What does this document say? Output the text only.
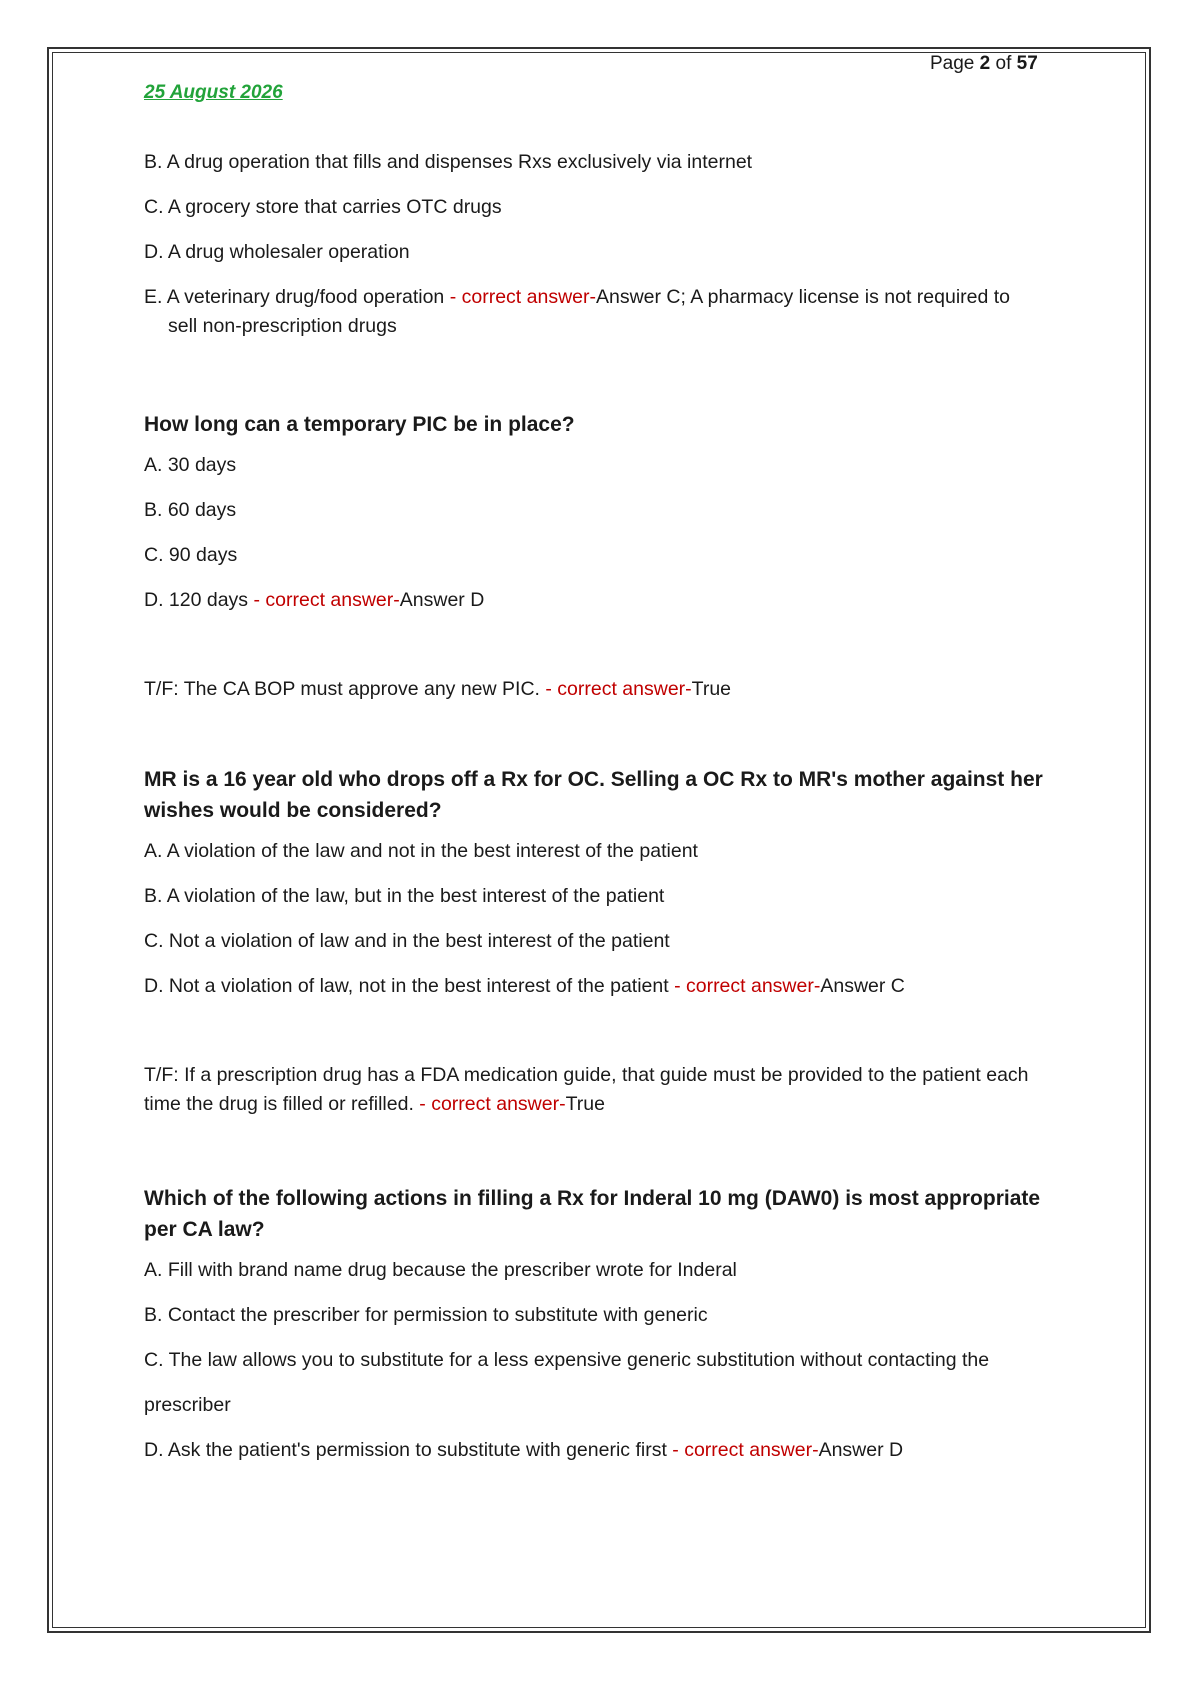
Page 2 of 57
25 August 2026
B. A drug operation that fills and dispenses Rxs exclusively via internet
C. A grocery store that carries OTC drugs
D. A drug wholesaler operation
E. A veterinary drug/food operation - correct answer-Answer C; A pharmacy license is not required to sell non-prescription drugs
How long can a temporary PIC be in place?
A. 30 days
B. 60 days
C. 90 days
D. 120 days - correct answer-Answer D
T/F: The CA BOP must approve any new PIC. - correct answer-True
MR is a 16 year old who drops off a Rx for OC. Selling a OC Rx to MR's mother against her wishes would be considered?
A. A violation of the law and not in the best interest of the patient
B. A violation of the law, but in the best interest of the patient
C. Not a violation of law and in the best interest of the patient
D. Not a violation of law, not in the best interest of the patient - correct answer-Answer C
T/F: If a prescription drug has a FDA medication guide, that guide must be provided to the patient each time the drug is filled or refilled. - correct answer-True
Which of the following actions in filling a Rx for Inderal 10 mg (DAW0) is most appropriate per CA law?
A. Fill with brand name drug because the prescriber wrote for Inderal
B. Contact the prescriber for permission to substitute with generic
C. The law allows you to substitute for a less expensive generic substitution without contacting the
prescriber
D. Ask the patient's permission to substitute with generic first - correct answer-Answer D
